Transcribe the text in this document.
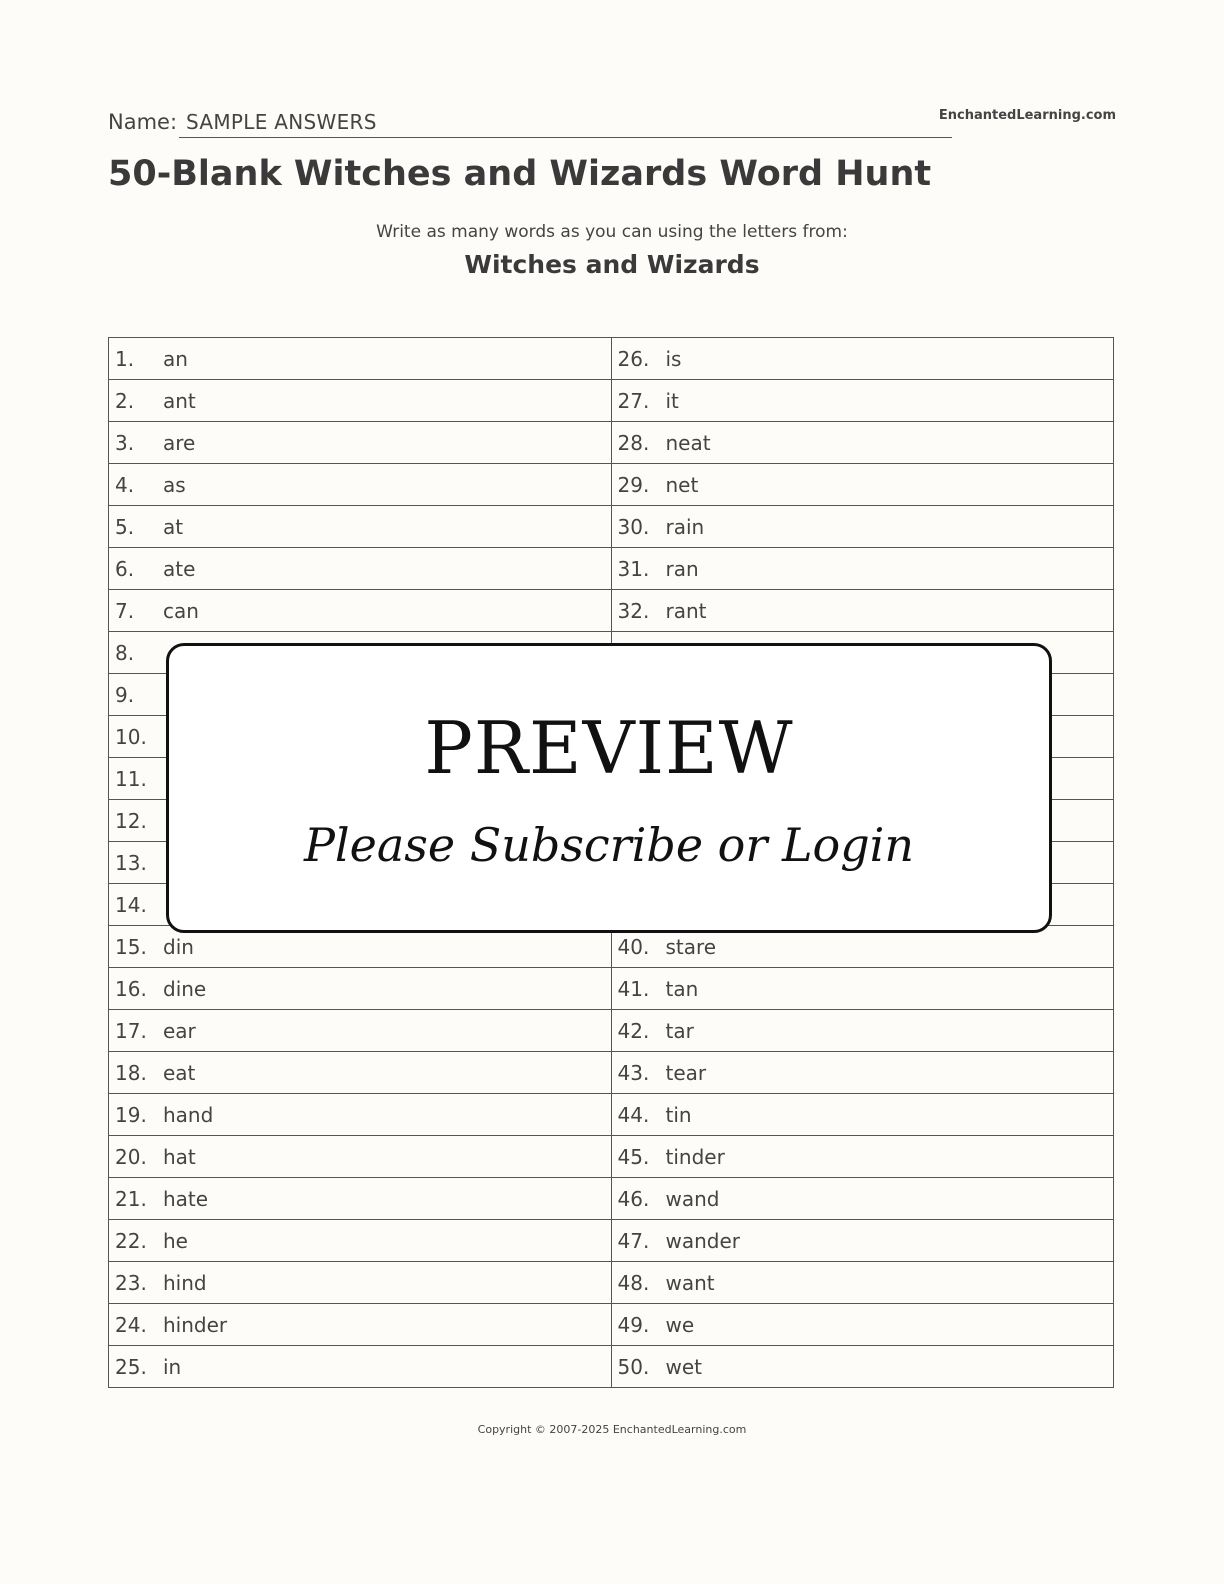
Name: SAMPLE ANSWERS	EnchantedLearning.com
50-Blank Witches and Wizards Word Hunt
Write as many words as you can using the letters from:
Witches and Wizards
1. an	26. is
2. ant	27. it
3. are	28. neat
4. as	29. net
5. at	30. rain
6. ate	31. ran
7. can	32. rant
8.	
9.	
10.	
11.	
12.	
13.	
14.	
15. din	40. stare
16. dine	41. tan
17. ear	42. tar
18. eat	43. tear
19. hand	44. tin
20. hat	45. tinder
21. hate	46. wand
22. he	47. wander
23. hind	48. want
24. hinder	49. we
25. in	50. wet
PREVIEW
Please Subscribe or Login
Copyright © 2007-2025 EnchantedLearning.com
